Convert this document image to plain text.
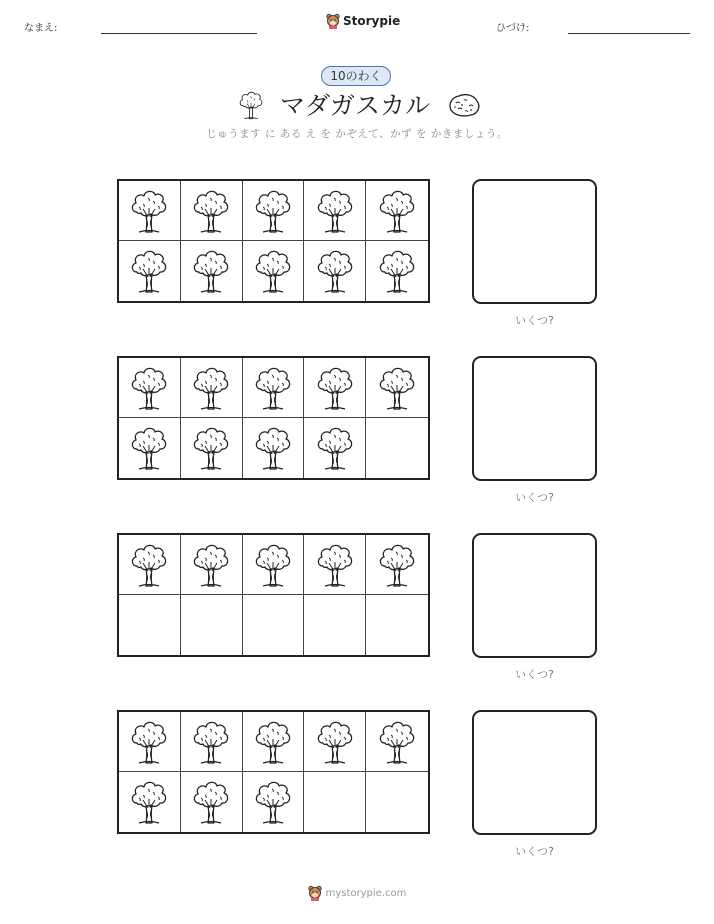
なまえ:
Storypie
ひづけ:
10のわく
マダガスカル
じゅうます に ある え を かぞえて、かず を かきましょう。
いくつ?
いくつ?
いくつ?
いくつ?
mystorypie.com
